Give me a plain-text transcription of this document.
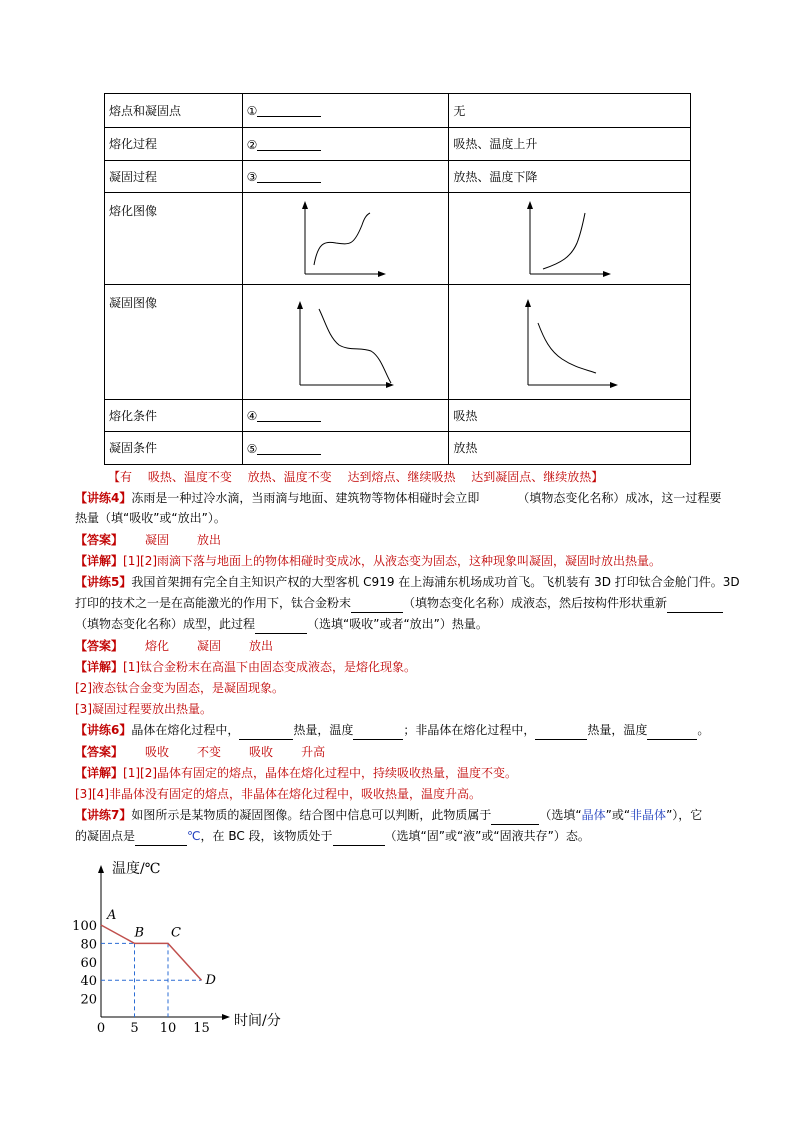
熔点和凝固点	①	无
熔化过程	②	吸热、温度上升
凝固过程	③	放热、温度下降
熔化图像	

凝固图像	

熔化条件	④	吸热
凝固条件	⑤	放热
【有　 吸热、温度不变　 放热、温度不变　 达到熔点、继续吸热　 达到凝固点、继续放热】
【讲练4】冻雨是一种过冷水滴，当雨滴与地面、建筑物等物体相碰时会立即	（填物态变化名称）成冰，这一过程要
热量（填“吸收”或“放出”）。
【答案】 凝固 放出
【详解】[1][2]雨滴下落与地面上的物体相碰时变成冰，从液态变为固态，这种现象叫凝固，凝固时放出热量。
【讲练5】我国首架拥有完全自主知识产权的大型客机 C919 在上海浦东机场成功首飞。飞机装有 3D 打印钛合金舱门件。3D
打印的技术之一是在高能激光的作用下，钛合金粉末	（填物态变化名称）成液态，然后按构件形状重新
（填物态变化名称）成型，此过程	（选填“吸收”或者“放出”）热量。
【答案】 熔化 凝固 放出
【详解】[1]钛合金粉末在高温下由固态变成液态，是熔化现象。
[2]液态钛合金变为固态，是凝固现象。
[3]凝固过程要放出热量。
【讲练6】晶体在熔化过程中，	热量，温度	；非晶体在熔化过程中，	热量，温度	。
【答案】 吸收 不变 吸收 升高
【详解】[1][2]晶体有固定的熔点，晶体在熔化过程中，持续吸收热量，温度不变。
[3][4]非晶体没有固定的熔点，非晶体在熔化过程中，吸收热量，温度升高。
【讲练7】如图所示是某物质的凝固图像。结合图中信息可以判断，此物质属于	（选填“晶体”或“非晶体”），它
的凝固点是	℃，在 BC 段，该物质处于	（选填“固”或“液”或“固液共存”）态。
温度/℃
时间/分
A
B C
D
20
40
60
80
100
0 5 10 15
